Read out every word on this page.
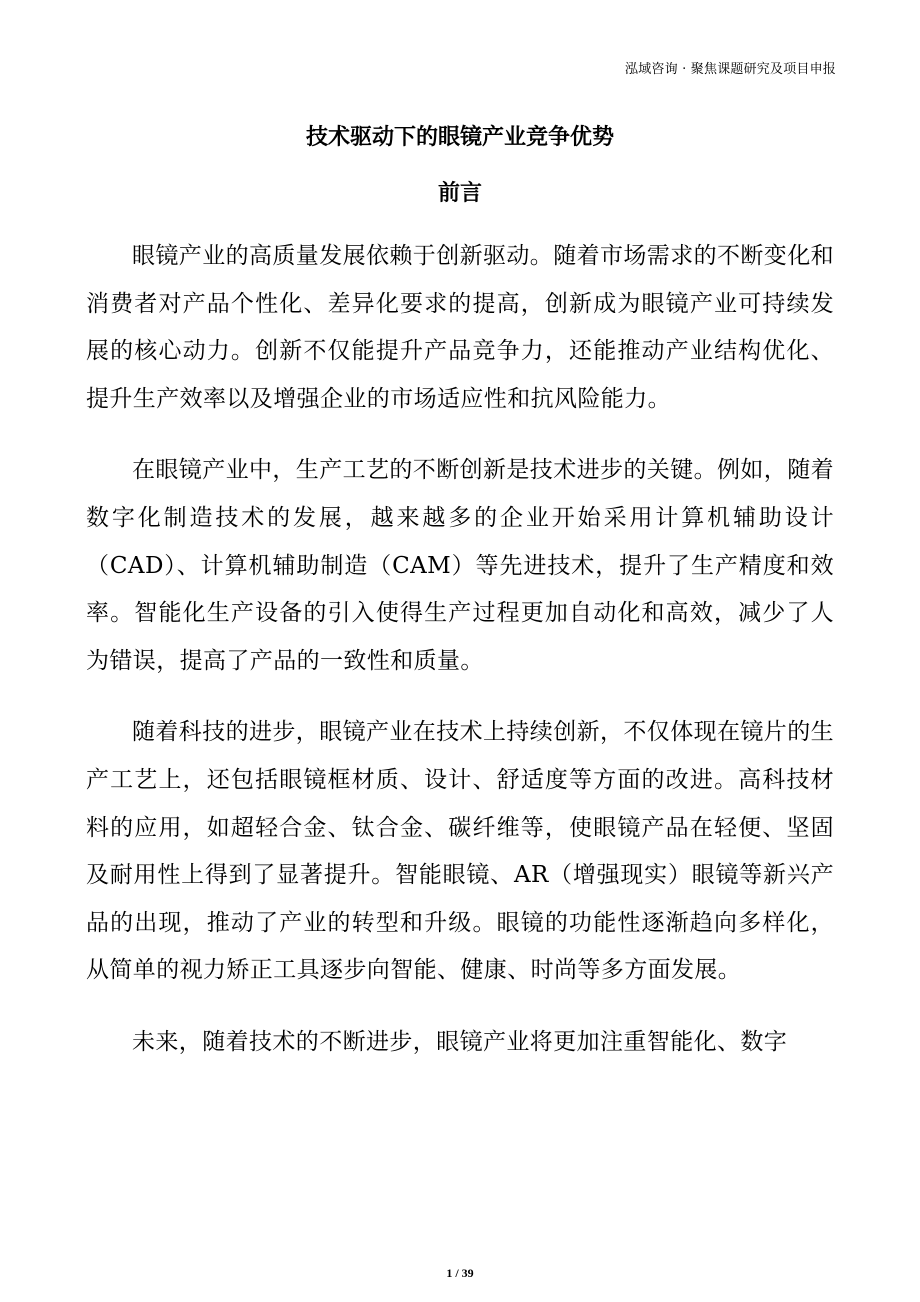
泓域咨询 · 聚焦课题研究及项目申报
技术驱动下的眼镜产业竞争优势
前言

眼镜产业的高质量发展依赖于创新驱动。随着市场需求的不断变化和消费者对产品个性化、差异化要求的提高，创新成为眼镜产业可持续发展的核心动力。创新不仅能提升产品竞争力，还能推动产业结构优化、提升生产效率以及增强企业的市场适应性和抗风险能力。

在眼镜产业中，生产工艺的不断创新是技术进步的关键。例如，随着数字化制造技术的发展，越来越多的企业开始采用计算机辅助设计（CAD）、计算机辅助制造（CAM）等先进技术，提升了生产精度和效率。智能化生产设备的引入使得生产过程更加自动化和高效，减少了人为错误，提高了产品的一致性和质量。

随着科技的进步，眼镜产业在技术上持续创新，不仅体现在镜片的生产工艺上，还包括眼镜框材质、设计、舒适度等方面的改进。高科技材料的应用，如超轻合金、钛合金、碳纤维等，使眼镜产品在轻便、坚固及耐用性上得到了显著提升。智能眼镜、AR（增强现实）眼镜等新兴产品的出现，推动了产业的转型和升级。眼镜的功能性逐渐趋向多样化，从简单的视力矫正工具逐步向智能、健康、时尚等多方面发展。

未来，随着技术的不断进步，眼镜产业将更加注重智能化、数字

1 / 39
